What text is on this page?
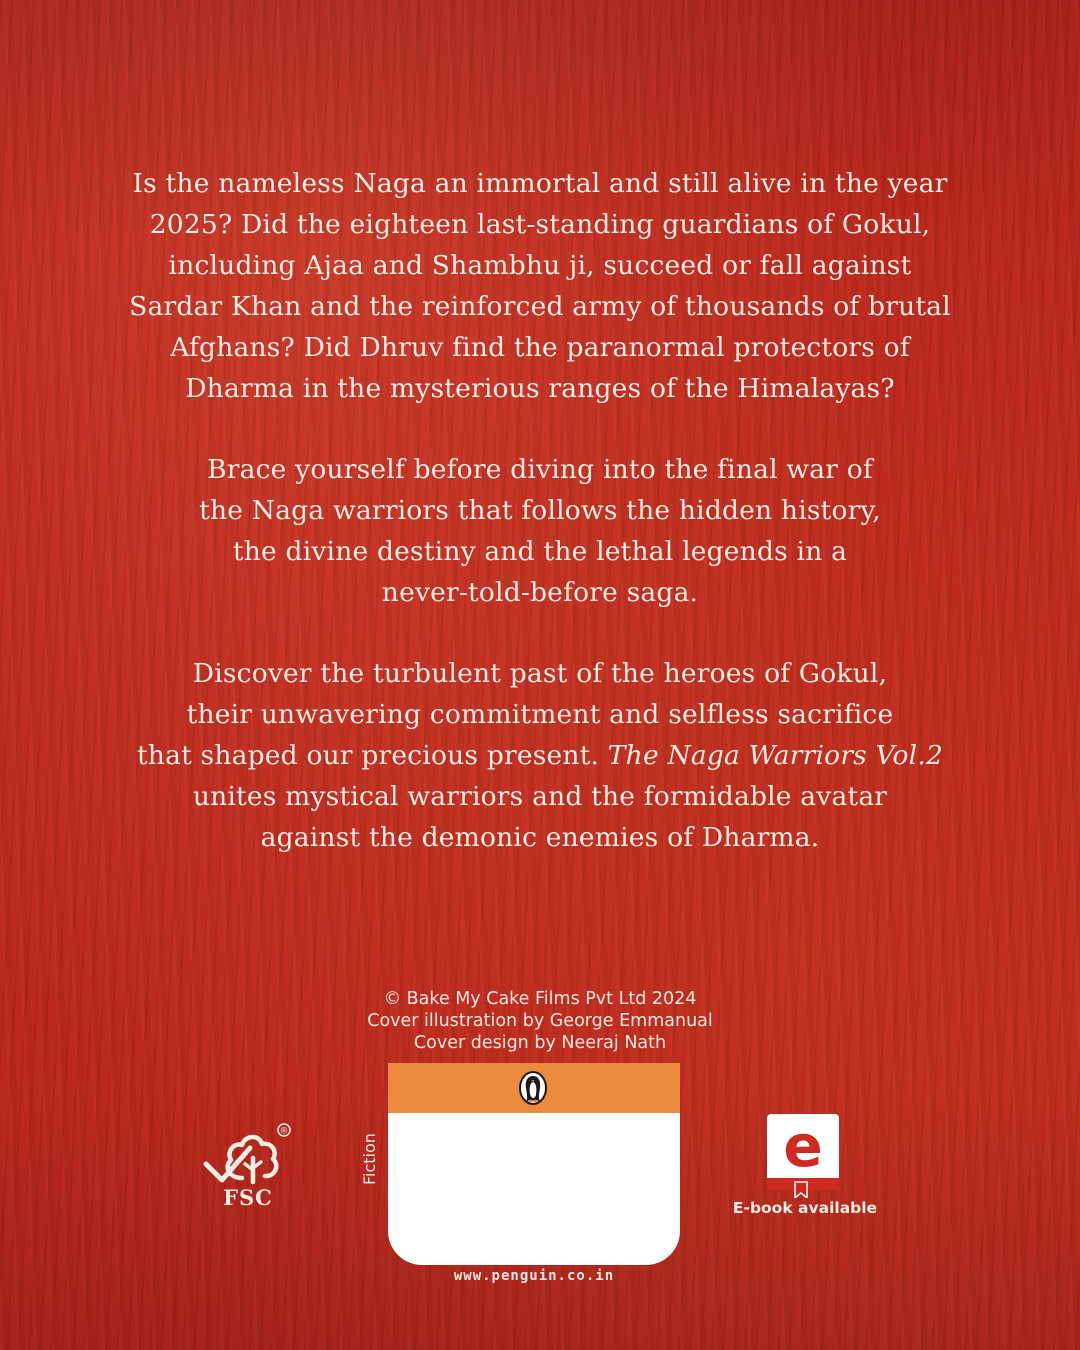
Is the nameless Naga an immortal and still alive in the year
2025? Did the eighteen last-standing guardians of Gokul,
including Ajaa and Shambhu ji, succeed or fall against
Sardar Khan and the reinforced army of thousands of brutal
Afghans? Did Dhruv find the paranormal protectors of
Dharma in the mysterious ranges of the Himalayas?
Brace yourself before diving into the final war of
the Naga warriors that follows the hidden history,
the divine destiny and the lethal legends in a
never-told-before saga.
Discover the turbulent past of the heroes of Gokul,
their unwavering commitment and selfless sacrifice
that shaped our precious present. The Naga Warriors Vol.2
unites mystical warriors and the formidable avatar
against the demonic enemies of Dharma.
© Bake My Cake Films Pvt Ltd 2024
Cover illustration by George Emmanual
Cover design by Neeraj Nath
®
FSC
Fiction
www.penguin.co.in
e
E-book available
